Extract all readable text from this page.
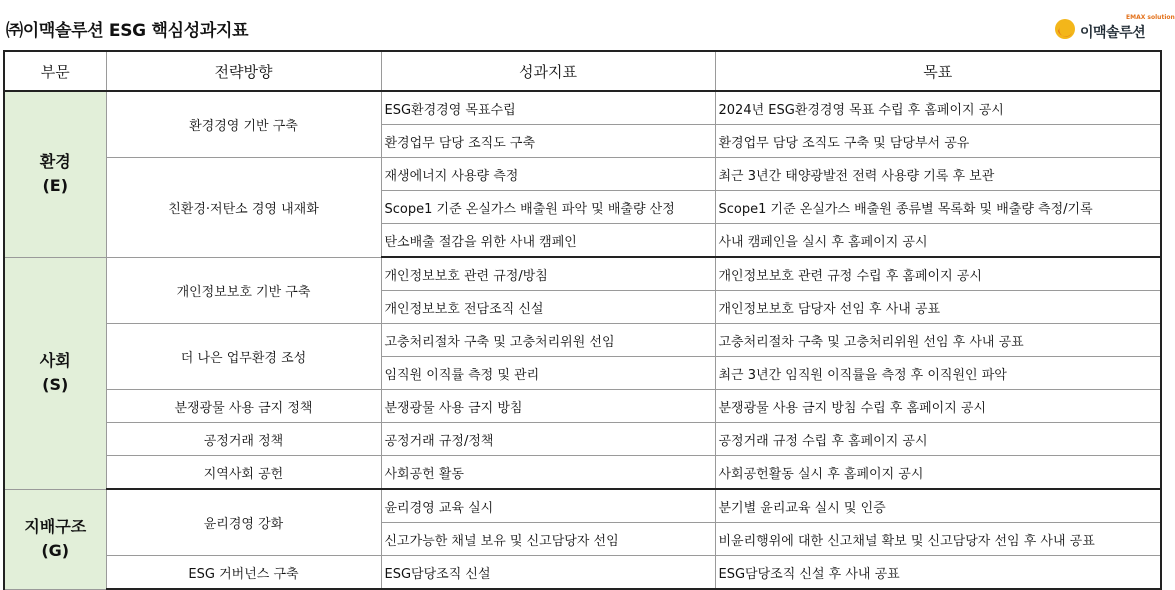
㈜이맥솔루션 ESG 핵심성과지표
EMAX solution
이맥솔루션
부문	전략방향	성과지표	목표

환경
(E)	환경경영 기반 구축	ESG환경경영 목표수립	2024년 ESG환경경영 목표 수립 후 홈페이지 공시
		환경업무 담당 조직도 구축	환경업무 담당 조직도 구축 및 담당부서 공유
	친환경·저탄소 경영 내재화	재생에너지 사용량 측정	최근 3년간 태양광발전 전력 사용량 기록 후 보관
		Scope1 기준 온실가스 배출원 파악 및 배출량 산정	Scope1 기준 온실가스 배출원 종류별 목록화 및 배출량 측정/기록
		탄소배출 절감을 위한 사내 캠페인	사내 캠페인을 실시 후 홈페이지 공시

사회
(S)	개인정보보호 기반 구축	개인정보보호 관련 규정/방침	개인정보보호 관련 규정 수립 후 홈페이지 공시
		개인정보보호 전담조직 신설	개인정보보호 담당자 선임 후 사내 공표
	더 나은 업무환경 조성	고충처리절차 구축 및 고충처리위원 선임	고충처리절차 구축 및 고충처리위원 선임 후 사내 공표
		임직원 이직률 측정 및 관리	최근 3년간 임직원 이직률을 측정 후 이직원인 파악
	분쟁광물 사용 금지 정책	분쟁광물 사용 금지 방침	분쟁광물 사용 금지 방침 수립 후 홈페이지 공시
	공정거래 정책	공정거래 규정/정책	공정거래 규정 수립 후 홈페이지 공시
	지역사회 공헌	사회공헌 활동	사회공헌활동 실시 후 홈페이지 공시

지배구조
(G)	윤리경영 강화	윤리경영 교육 실시	분기별 윤리교육 실시 및 인증
		신고가능한 채널 보유 및 신고담당자 선임	비윤리행위에 대한 신고채널 확보 및 신고담당자 선임 후 사내 공표
	ESG 거버넌스 구축	ESG담당조직 신설	ESG담당조직 신설 후 사내 공표
